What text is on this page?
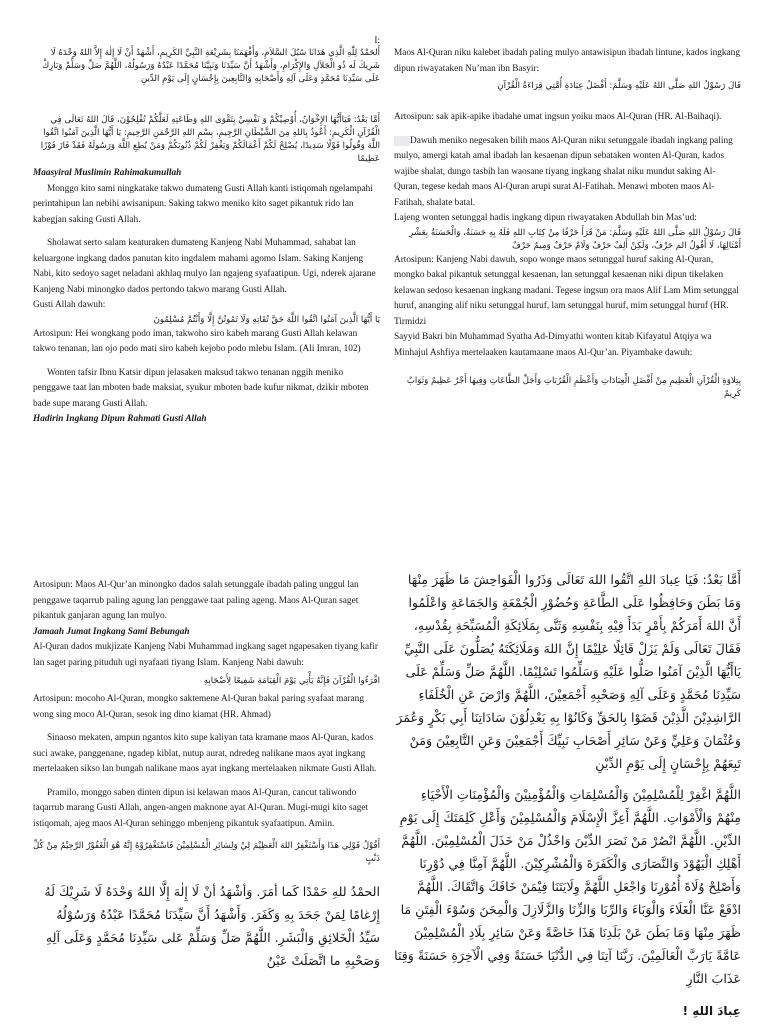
I:

أَلحَمْدُ لِلّٰهِ الَّذِي هَدَانَا سُبُلَ السَّلاَمِ، وَأَفْهَمَنَا بِشَرِيْعَةِ النَّبِيِّ الكَرِيمِ، أَشْهَدُ أَنْ لَا إِلٰهَ إِلاَّ اللهُ وَحْدَهُ لَا شَرِيكَ لَه ذُو الْجَلاَلِ وَالإِكْرَامِ، وَأَشْهَدُ أَنَّ سَيِّدَنَا وَنَبِيَّنَا مُحَمَّدًا عَبْدُهُ وَرَسُولُهُ، اللَّهُمَّ صَلِّ وَسَلِّمْ وَبَارِكْ عَلَى سَيِّدِنَا مُحَمَّدٍ وَعَلَى آلِهِ وَأَصْحَابِهِ وَالتَّابِعِينَ بِإِحْسَانٍ إِلَى يَوْمِ الدِّينِ

أَمَّا بَعْدُ: فَيَاأَيُّهَا الإِخْوَانُ، أُوْصِيْكُمْ وَ نَفْسِيْ بِتَقْوَى اللهِ وَطَاعَتِهِ لَعَلَّكُمْ تُفْلِحُوْنَ، قَالَ اللهُ تَعَالَى فِي الْقُرْآنِ الْكَرِيمِ: أَعُوذُ بِاللهِ مِنَ الشَّيْطَانِ الرَّجِيمِ، بِسْمِ اللهِ الرَّحْمَنِ الرَّحِيمِ: يَا أَيُّهَا الَّذِينَ آمَنُوا اتَّقُوا اللَّهَ وَقُولُوا قَوْلًا سَدِيدًا، يُصْلِحْ لَكُمْ أَعْمَالَكُمْ وَيَغْفِرْ لَكُمْ ذُنُوبَكُمْ وَمَنْ يُطِعِ اللَّهَ وَرَسُولَهُ فَقَدْ فَازَ فَوْزًا عَظِيمًا

Maasyiral Muslimin Rahimakumullah

Monggo kito sami ningkatake takwo dumateng Gusti Allah kanti istiqomah ngelampahi perintahipun lan nebihi awisanipun. Saking takwo meniko kito saget pikantuk rido lan kabegjan saking Gusti Allah.

Sholawat serto salam keaturaken dumateng Kanjeng Nabi Muhammad, sahabat lan keluargone ingkang dados panutan kito ingdalem mahami agomo Islam. Saking Kanjeng Nabi, kito sedoyo saget neladani akhlaq mulyo lan ngajeng syafaatipun. Ugi, nderek ajarane Kanjeng Nabi minongko dados pertondo takwo marang Gusti Allah.

Gusti Allah dawuh:

يَا أَيُّهَا الَّذِينَ آمَنُوا اتَّقُوا اللَّهَ حَقَّ تُقَاتِهِ وَلَا تَمُوتُنَّ إِلَّا وَأَنْتُمْ مُسْلِمُونَ

Artosipun: Hei wongkang podo iman, takwoho siro kabeh marang Gusti Allah kelawan takwo tenanan, lan ojo podo mati siro kabeh kejobo podo mlebu Islam. (Ali Imran, 102)

Wonten tafsir Ibnu Katsir dipun jelasaken maksud takwo tenanan nggih meniko penggawe taat lan mboten bade maksiat, syukur mboten bade kufur nikmat, dzikir mboten bade supe marang Gusti Allah.

Hadirin Ingkang Dipun Rahmati Gusti Allah

Maos Al-Quran niku kalebet ibadah paling mulyo antawisipun ibadah lintune, kados ingkang dipun riwayataken Nu’man ibn Basyir:

قَالَ رَسُوْلُ اللهِ صَلَّى اللهُ عَلَيْهِ وَسَلَّمَ: أَفْضَلُ عِبَادَةِ أُمَّتِي قِرَاءَةُ الْقُرْآنِ

Artosipun: sak apik-apike ibadahe umat ingsun yoiku maos Al-Quran (HR. Al-Baihaqi).

Dawuh meniko negesaken bilih maos Al-Quran niku setunggale ibadah ingkang paling mulyo, amergi katah amal ibadah lan kesaenan dipun sebataken wonten Al-Quran, kados wajibe shalat, dungo tasbih lan waosane tiyang ingkang shalat niku mundut saking Al-Quran, tegese kedah maos Al-Quran arupi surat Al-Fatihah. Menawi mboten maos Al-Fatihah, shalate batal.

Lajeng wonten setunggal hadis ingkang dipun riwayataken Abdullah bin Mas’ud:

قَالَ رَسُوْلُ اللهِ صَلَّى اللهُ عَلَيْهِ وَسَلَّمَ: مَنْ قَرَأَ حَرْفًا مِنْ كِتَابِ اللهِ فَلَهُ بِهِ حَسَنَةٌ، وَالْحَسَنَةُ بِعَشْرِ أَمْثَالِهَا، لَا أَقُولُ الم حَرْفٌ، وَلَكِنْ أَلِفٌ حَرْفٌ وَلَامٌ حَرْفٌ وَمِيمٌ حَرْفٌ

Artosipun: Kanjeng Nabi dawuh, sopo wonge maos setunggal huruf saking Al-Quran, mongko bakal pikantuk setunggal kesaenan, lan setunggal kesaenan niki dipun tikelaken kelawan sedoso kesaenan ingkang madani. Tegese ingsun ora maos Alif Lam Mim setunggal huruf, ananging alif niku setunggal huruf, lam setunggal huruf, mim setunggal huruf (HR. Tirmidzi

Sayyid Bakri bin Muhammad Syatha Ad-Dimyathi wonten kitab Kifayatul Atqiya wa Minhajul Ashfiya mertelaaken kautamaane maos Al-Qur’an. Piyambake dawuh:

بِتِلاوَةِ الْقُرْآنِ الْعَظِيمِ مِنْ أَفْضَلِ الْعِبَادَاتِ وَأَعْظَمِ الْقُرُبَاتِ وَأَجَلِّ الطَّاعَاتِ وَفِيهَا أَجْرٌ عَظِيمٌ وَثَوَابٌ كَرِيمٌ

Artosipun: Maos Al-Qur’an minongko dados salah setunggale ibadah paling unggul lan penggawe taqarrub paling agung lan penggawe taat paling ageng. Maos Al-Quran saget pikantuk ganjaran agung lan mulyo.

Jamaah Jumat Ingkang Sami Bebungah

Al-Quran dados mukjizate Kanjeng Nabi Muhammad ingkang saget ngapesaken tiyang kafir lan saget paring pituduh ugi nyafaati tiyang Islam. Kanjeng Nabi dawuh:

اقْرَءُوا الْقُرْآنَ فَإِنَّهُ يَأْتِي يَوْمَ الْقِيَامَةِ شَفِيعًا لِأَصْحَابِهِ

Artosipun: mocoho Al-Quran, mongko saktemene Al-Quran bakal paring syafaat marang wong sing moco Al-Quran, sesok ing dino kiamat (HR. Ahmad)

Sinaoso mekaten, ampun ngantos kito supe kaliyan tata kramane maos Al-Quran, kados suci awake, panggenane, ngadep kiblat, nutup aurat, ndredeg nalikane maos ayat ingkang mertelaaken sikso lan bungah nalikane maos ayat ingkang mertelaaken nikmate Gusti Allah.

Pramilo, monggo saben dinten dipun isi kelawan maos Al-Quran, cancut taliwondo taqarrub marang Gusti Allah, angen-angen maknone ayat Al-Quran. Mugi-mugi kito saget istiqomah, ajeg maos Al-Quran sehinggo mbenjeng pikantuk syafaatipun. Amiin.

أَقُوْلُ قَوْلِي هَذَا وَأَسْتَغْفِرُ اللهَ الْعَظِيْمَ لِيْ وَلِسَائِرِ الْمُسْلِمِيْنَ فَاسْتَغْفِرُوْهُ إِنَّهُ هُوَ الْغَفُوْرُ الرَّحِيْمُ مِنْ كُلِّ ذَنْبٍ

الحمْدُ للهِ حَمْدًا كَما أمَرَ. وَأشْهَدُ أنْ لَا إِلٰهَ إِلَّا اللهُ وَحْدَهُ لَا شَرِيْكَ لَهُ إِرْغامًا لِمَنْ جَحَدَ بِهِ وَكَفَرَ. وَأَشْهَدُ أَنَّ سَيِّدَنَا مُحَمَّدًا عَبْدُهُ وَرَسُوْلُهُ سَيِّدُ الْخَلائِقِ وَالْبَشَرِ. اللَّهُمَّ صَلِّ وَسَلِّمْ عَلى سَيِّدِنَا مُحَمَّدٍ وَعَلَى آلِهِ وَصَحْبِهِ ما اتَّصَلَتْ عَيْنٌ

أَمَّا بَعْدُ: فَيَا عِبادَ اللهِ اتَّقُوا اللهَ تَعَالَى وَذَرُوا الْفَوَاحِشَ مَا ظَهَرَ مِنْهَا وَمَا بَطَنَ وَحَافِظُوا عَلَى الطَّاعَةِ وَحُضُوْرِ الْجُمْعَةِ وَالجَمَاعَةِ وَاعْلَمُوا أَنَّ اللهَ أَمَرَكُمْ بِأَمْرٍ بَدَأَ فِيْهِ بِنَفْسِهِ وَثَنَّى بِمَلَائِكَةِ الْمُسَبِّحَةِ بِقُدْسِهِ، فَقَالَ تَعَالَى وَلَمْ يَزَلْ قَائِلًا عَلِيْمًا إِنَّ اللهَ وَمَلَائِكَتَهُ يُصَلُّونَ عَلَى النَّبِيِّ يَاأَيُّهَا الَّذِيْنَ آمَنُوا صَلُّوا عَلَيْهِ وَسَلِّمُوا تَسْلِيْمًا. اللَّهُمَّ صَلِّ وَسَلِّمْ عَلَى سَيِّدِنَا مُحَمَّدٍ وَعَلَى آلِهِ وَصَحْبِهِ أَجْمَعِيْنَ، اللَّهُمَّ وَارْضَ عَنِ الْخُلَفَاءِ الرَّاشِدِيْنَ الَّذِيْنَ قَضَوْا بِالحَقِّ وَكَانُوْا بِهِ يَعْدِلُوْنَ سَادَاتِنَا أَبِي بَكْرٍ وَعُمَرَ وَعُثْمَانَ وَعَلِيٍّ وَعَنْ سَائِرِ أَصْحَابِ نَبِيِّكَ أَجْمَعِيْنَ وَعَنِ التَّابِعِيْنَ وَمَنْ تَبِعَهُمْ بِإِحْسَانٍ إِلَى يَوْمِ الدِّيْنِ

اللَّهُمَّ اغْفِرْ لِلْمُسْلِمِيْنَ وَالْمُسْلِمَاتِ وَالْمُؤْمِنِيْنَ وَالْمُؤْمِنَاتِ الْأَحْيَاءِ مِنْهُمْ وَالْأَمْوَاتِ. اللَّهُمَّ أَعِزَّ الْإِسْلَامَ وَالْمُسْلِمِيْنَ وَأَعْلِ كَلِمَتَكَ إِلَى يَوْمِ الدِّيْنِ. اللَّهُمَّ انْصُرْ مَنْ نَصَرَ الدِّيْنَ وَاخْذُلْ مَنْ خَذَلَ الْمُسْلِمِيْنَ. اللَّهُمَّ أَهْلِكِ الْيَهُوْدَ وَالنَّصَارَى وَالْكَفَرَةَ وَالْمُشْرِكِيْنَ. اللَّهُمَّ آمِنَّا فِي دُوْرِنَا وَأَصْلِحْ وُلَاةَ أُمُوْرِنَا وَاجْعَلِ اللَّهُمَّ وِلَايَتَنَا فِيْمَنْ خَافَكَ وَاتَّقَاكَ. اللَّهُمَّ ادْفَعْ عَنَّا الْغَلَاءَ وَالْوَبَاءَ وَالرِّبَا وَالزِّنَا وَالزَّلَازِلَ وَالْمِحَنَ وَسُوْءَ الْفِتَنِ مَا ظَهَرَ مِنْهَا وَمَا بَطَنَ عَنْ بَلَدِنَا هَذَا خَاصَّةً وَعَنْ سَائِرِ بِلَادِ الْمُسْلِمِيْنَ عَامَّةً يَارَبَّ الْعَالَمِيْنَ. رَبَّنَا آتِنَا فِي الدُّنْيَا حَسَنَةً وَفِي الْآخِرَةِ حَسَنَةً وَقِنَا عَذَابَ النَّارِ

عِبادَ اللهِ !
